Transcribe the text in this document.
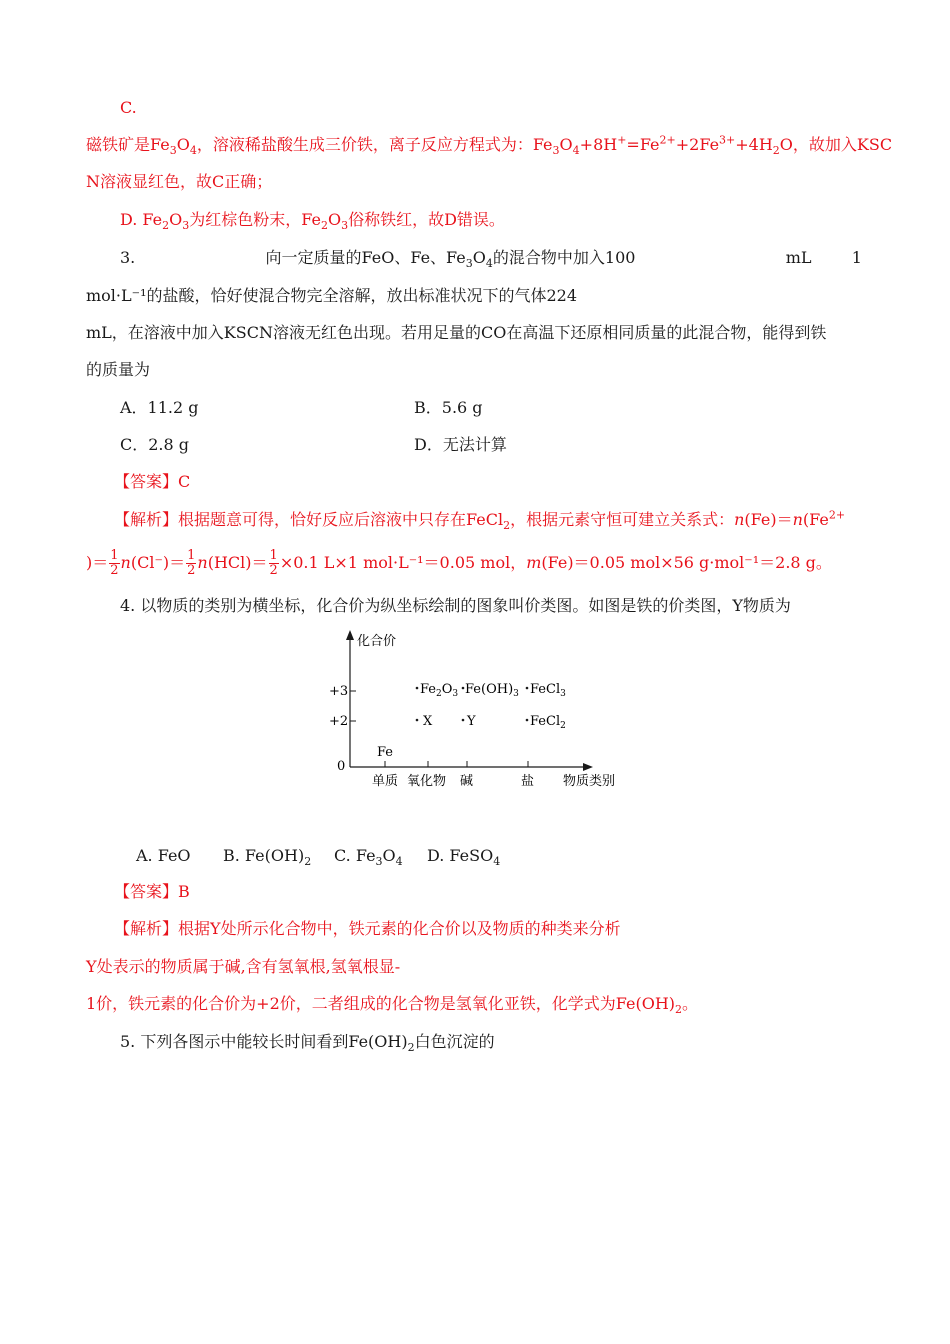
C.
磁铁矿是$Fe_3O_4$，溶液稀盐酸生成三价铁，离子反应方程式为：$Fe_3O_4+8H^+=Fe^{2+}+2Fe^{3+}+4H_2O$，故加入KSC
N溶液显红色，故C正确；
D. $Fe_2O_3$为红棕色粉末，$Fe_2O_3$俗称铁红，故D错误。
3.	向一定质量的FeO、Fe、$Fe_3O_4$的混合物中加入100	mL	1
mol·L⁻¹的盐酸，恰好使混合物完全溶解，放出标准状况下的气体224
mL，在溶液中加入KSCN溶液无红色出现。若用足量的CO在高温下还原相同质量的此混合物，能得到铁
的质量为
A．11.2 g	B．5.6 g
C．2.8 g	D．无法计算
【答案】C
【解析】根据题意可得，恰好反应后溶液中只存在FeCl$_2$，根据元素守恒可建立关系式：$n(Fe)=n(Fe^{2+}$
)＝ $\frac{1}{2} n(Cl^-)= \frac{1}{2} n(HCl)= \frac{1}{2} \times 0.1$ L×1 mol·L⁻¹＝0.05 mol，m(Fe)＝0.05 mol×56 g·mol⁻¹＝2.8 g。
4. 以物质的类别为横坐标，化合价为纵坐标绘制的图象叫价类图。如图是铁的价类图，Y物质为
化合价
+3
+2
0
单质 氧化物 碱	盐 物质类别
Fe
$Fe_2O_3$ $Fe(OH)_3$ FeCl$_3$
X	Y	FeCl$_2$
A. FeO B. $Fe(OH)_2$ C. $Fe_3O_4$ D. FeSO$_4$
【答案】B
【解析】根据Y处所示化合物中，铁元素的化合价以及物质的种类来分析
Y处表示的物质属于碱,含有氢氧根,氢氧根显-
1价，铁元素的化合价为+2价，二者组成的化合物是氢氧化亚铁，化学式为$Fe(OH)_2$。
5. 下列各图示中能较长时间看到$Fe(OH)_2$白色沉淀的
